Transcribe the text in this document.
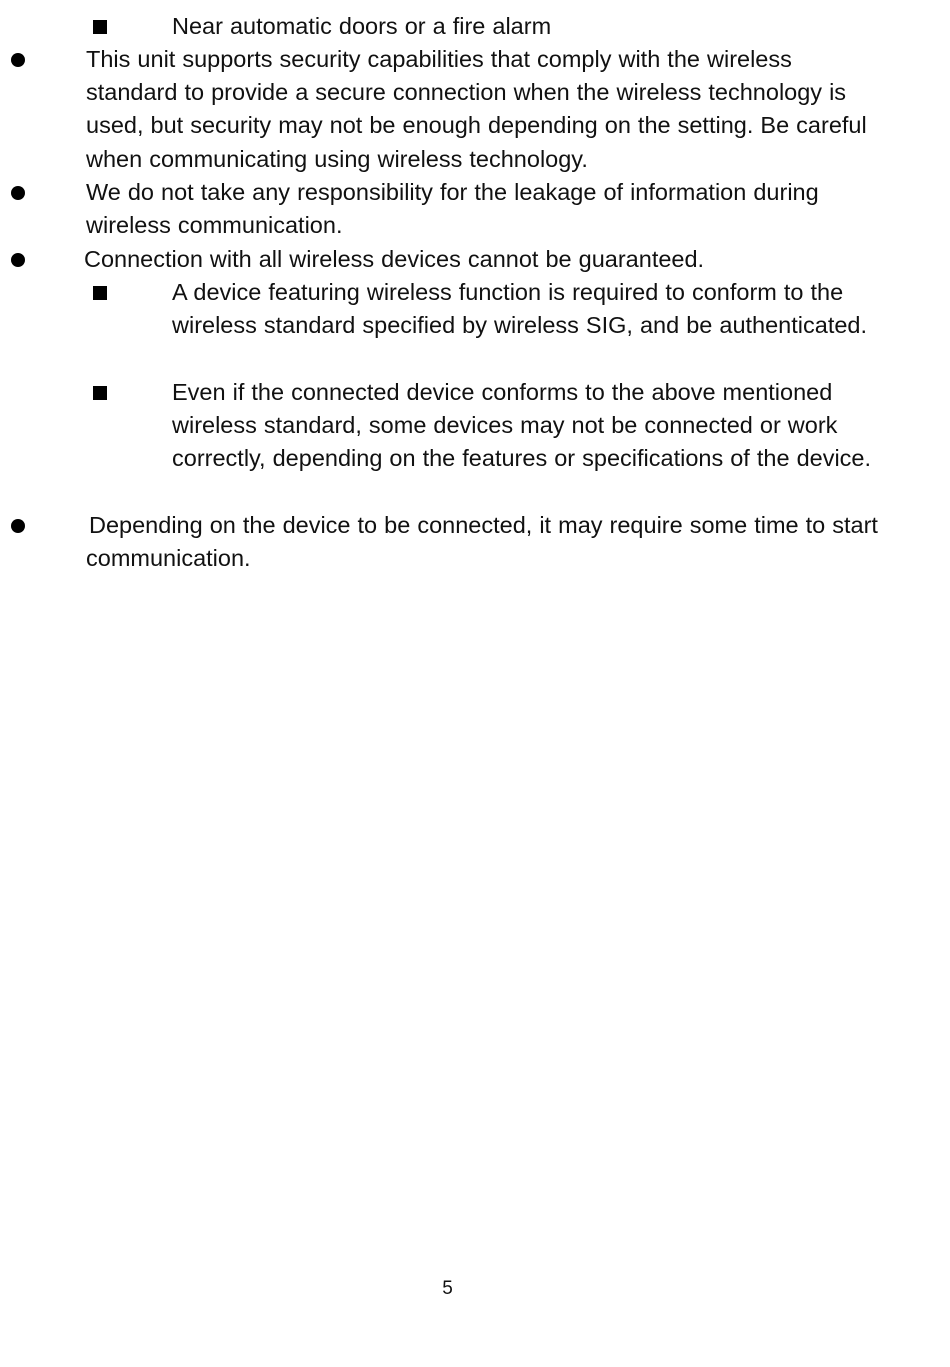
Near automatic doors or a fire alarm
This unit supports security capabilities that comply with the wireless standard to provide a secure connection when the wireless technology is used, but security may not be enough depending on the setting. Be careful when communicating using wireless technology.
We do not take any responsibility for the leakage of information during wireless communication.
Connection with all wireless devices cannot be guaranteed.
A device featuring wireless function is required to conform to the wireless standard specified by wireless SIG, and be authenticated.
Even if the connected device conforms to the above mentioned wireless standard, some devices may not be connected or work correctly, depending on the features or specifications of the device.
Depending on the device to be connected, it may require some time to start communication.
5
